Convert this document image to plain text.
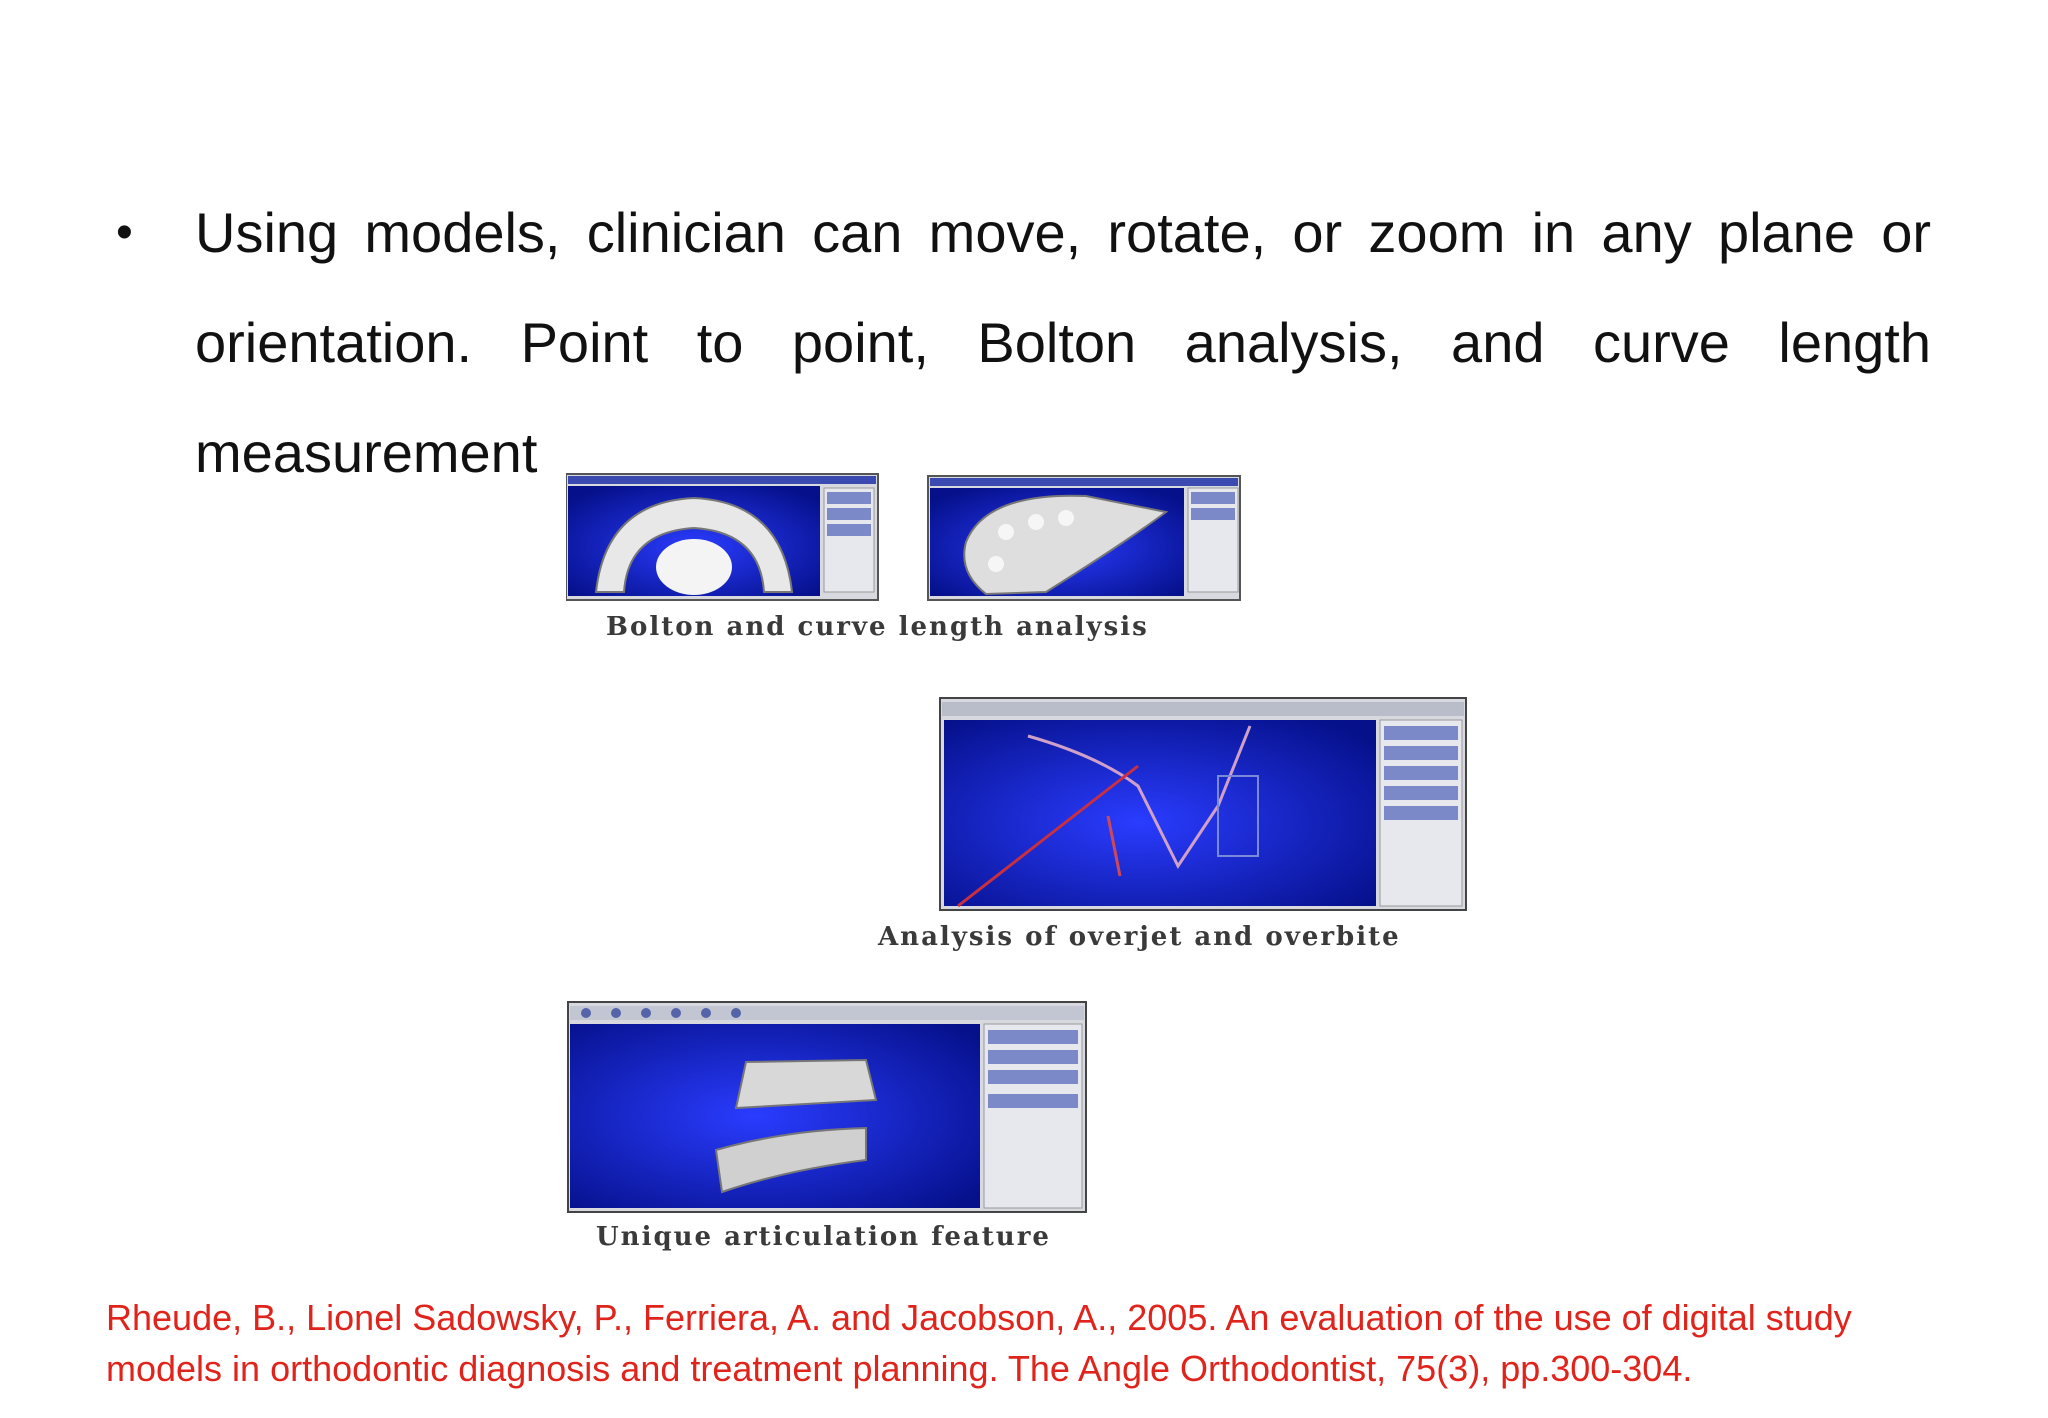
• Using models, clinician can move, rotate, or zoom in any plane or orientation. Point to point, Bolton analysis, and curve length measurement
Bolton and curve length analysis
Analysis of overjet and overbite
Unique articulation feature
Rheude, B., Lionel Sadowsky, P., Ferriera, A. and Jacobson, A., 2005. An evaluation of the use of digital study
models in orthodontic diagnosis and treatment planning. The Angle Orthodontist, 75(3), pp.300-304.
